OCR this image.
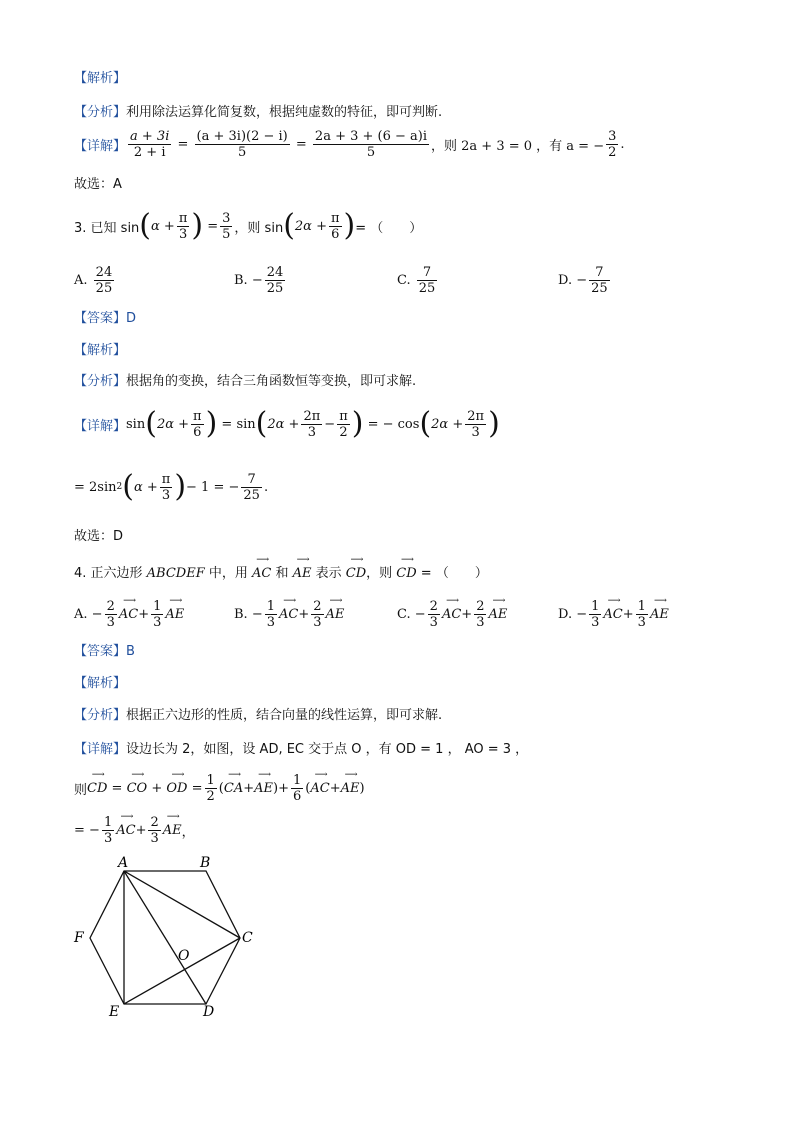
【解析】
【分析】利用除法运算化简复数，根据纯虚数的特征，即可判断.
【详解】 $\frac{a + 3i}{2 + i} = \frac{(a + 3i)(2 - i)}{5} = \frac{2a + 3 + (6 - a)i}{5}$ ，则 2a + 3 = 0 ，有 a = − $\frac{3}{2}$ .
故选：A
3. 已知 sin ( $\alpha + \frac{\pi}{3}$ )
= $\frac{3}{5}$ ，则 sin ( $2\alpha + \frac{\pi}{6}$ ) = （　　）
A.
$\frac{24}{25}$	B.
− $\frac{24}{25}$	C.
$\frac{7}{25}$	D.
− $\frac{7}{25}$
【答案】D
【解析】
【分析】根据角的变换，结合三角函数恒等变换，即可求解.
【详解】 sin ( $2\alpha + \frac{\pi}{6}$ )
= sin ( $2\alpha + \frac{2\pi}{3} - \frac{\pi}{2}$ )
= − cos ( $2\alpha + \frac{2\pi}{3}$ )
= 2sin 2 ( $\alpha + \frac{\pi}{3}$ ) − 1 = − $\frac{7}{25}$ .
故选：D
4. 正六边形 ABCDEF 中，用 ⟶ AC 和 ⟶ AE 表示 ⟶ CD，则 ⟶ CD = （　　）
A.
− $\frac{2}{3}$ ⟶ AC + $\frac{1}{3}$ ⟶ AE	B.
− $\frac{1}{3}$ ⟶ AC + $\frac{2}{3}$ ⟶ AE	C.
− $\frac{2}{3}$ ⟶ AC + $\frac{2}{3}$ ⟶ AE	D.
− $\frac{1}{3}$ ⟶ AC + $\frac{1}{3}$ ⟶ AE
【答案】B
【解析】
【分析】根据正六边形的性质，结合向量的线性运算，即可求解.
【详解】设边长为 2，如图，设 AD, EC 交于点 O ，有 OD = 1 ， AO = 3 ，
则 ⟶ CD
=
⟶ CO
+
⟶ OD
= $\frac{1}{2}$ ( ⟶ CA + ⟶ AE ) + $\frac{1}{6}$ ( ⟶ AC + ⟶ AE )
= − $\frac{1}{3}$ ⟶ AC + $\frac{2}{3}$ ⟶ AE ，
A	B
C
D
E
F
O
